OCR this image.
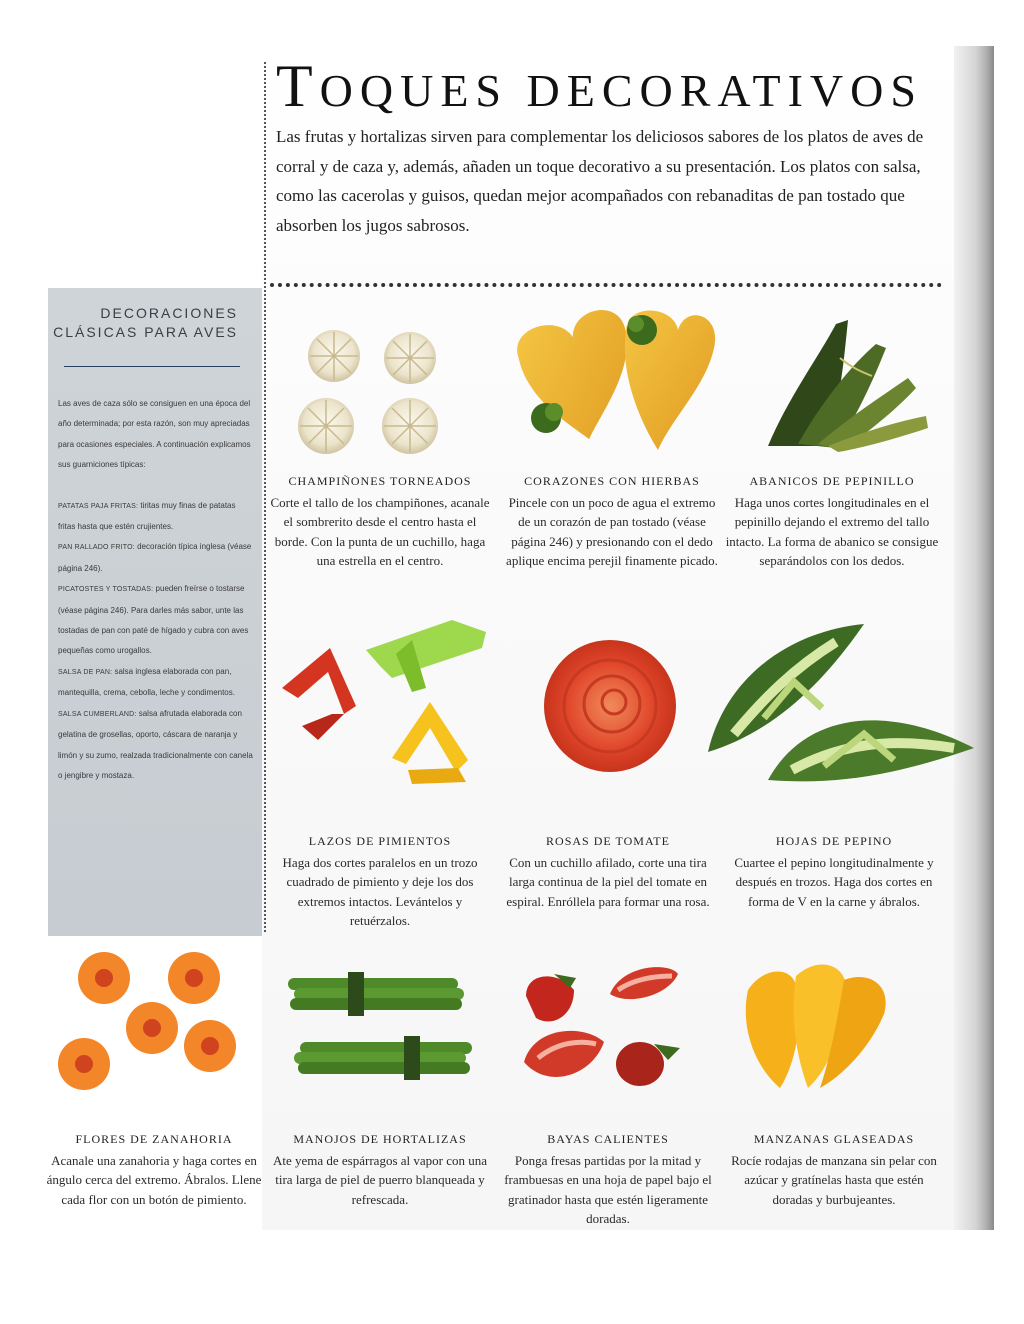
TOQUES DECORATIVOS

Las frutas y hortalizas sirven para complementar los deliciosos sabores de los platos de aves de corral y de caza y, además, añaden un toque decorativo a su presentación. Los platos con salsa, como las cacerolas y guisos, quedan mejor acompañados con rebanaditas de pan tostado que absorben los jugos sabrosos.

DECORACIONES CLÁSICAS PARA AVES

Las aves de caza sólo se consiguen en una época del año determinada; por esta razón, son muy apreciadas para ocasiones especiales. A continuación explicamos sus guarniciones típicas:

PATATAS PAJA FRITAS: tiritas muy finas de patatas fritas hasta que estén crujientes.
PAN RALLADO FRITO: decoración típica inglesa (véase página 246).
PICATOSTES Y TOSTADAS: pueden freírse o tostarse (véase página 246). Para darles más sabor, unte las tostadas de pan con paté de hígado y cubra con aves pequeñas como urogallos.
SALSA DE PAN: salsa inglesa elaborada con pan, mantequilla, crema, cebolla, leche y condimentos.
SALSA CUMBERLAND: salsa afrutada elaborada con gelatina de grosellas, oporto, cáscara de naranja y limón y su zumo, realzada tradicionalmente con canela o jengibre y mostaza.
CHAMPIÑONES TORNEADOS
Corte el tallo de los champiñones, acanale el sombrerito desde el centro hasta el borde. Con la punta de un cuchillo, haga una estrella en el centro.
CORAZONES CON HIERBAS
Pincele con un poco de agua el extremo de un corazón de pan tostado (véase página 246) y presionando con el dedo aplique encima perejil finamente picado.
ABANICOS DE PEPINILLO
Haga unos cortes longitudinales en el pepinillo dejando el extremo del tallo intacto. La forma de abanico se consigue separándolos con los dedos.
LAZOS DE PIMIENTOS
Haga dos cortes paralelos en un trozo cuadrado de pimiento y deje los dos extremos intactos. Levántelos y retuérzalos.
ROSAS DE TOMATE
Con un cuchillo afilado, corte una tira larga continua de la piel del tomate en espiral. Enróllela para formar una rosa.
HOJAS DE PEPINO
Cuartee el pepino longitudinalmente y después en trozos. Haga dos cortes en forma de V en la carne y ábralos.
FLORES DE ZANAHORIA
Acanale una zanahoria y haga cortes en ángulo cerca del extremo. Ábralos. Llene cada flor con un botón de pimiento.
MANOJOS DE HORTALIZAS
Ate yema de espárragos al vapor con una tira larga de piel de puerro blanqueada y refrescada.
BAYAS CALIENTES
Ponga fresas partidas por la mitad y frambuesas en una hoja de papel bajo el gratinador hasta que estén ligeramente doradas.
MANZANAS GLASEADAS
Rocíe rodajas de manzana sin pelar con azúcar y gratínelas hasta que estén doradas y burbujeantes.
